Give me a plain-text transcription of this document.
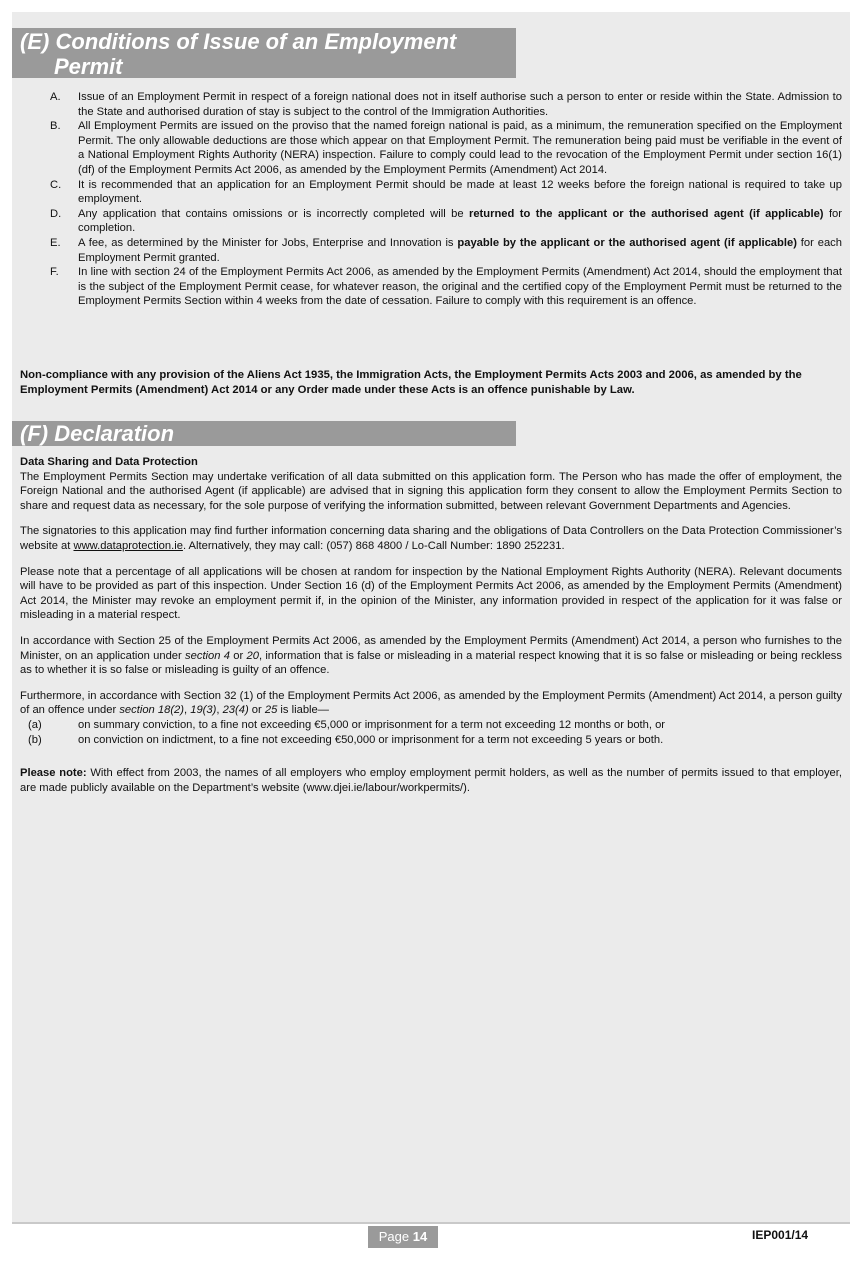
(E) Conditions of Issue of an Employment
Permit
A. Issue of an Employment Permit in respect of a foreign national does not in itself authorise such a person to enter or reside within the State. Admission to the State and authorised duration of stay is subject to the control of the Immigration Authorities.
B. All Employment Permits are issued on the proviso that the named foreign national is paid, as a minimum, the remuneration specified on the Employment Permit. The only allowable deductions are those which appear on that Employment Permit. The remuneration being paid must be verifiable in the event of a National Employment Rights Authority (NERA) inspection. Failure to comply could lead to the revocation of the Employment Permit under section 16(1)(df) of the Employment Permits Act 2006, as amended by the Employment Permits (Amendment) Act 2014.
C. It is recommended that an application for an Employment Permit should be made at least 12 weeks before the foreign national is required to take up employment.
D. Any application that contains omissions or is incorrectly completed will be returned to the applicant or the authorised agent (if applicable) for completion.
E. A fee, as determined by the Minister for Jobs, Enterprise and Innovation is payable by the applicant or the authorised agent (if applicable) for each Employment Permit granted.
F. In line with section 24 of the Employment Permits Act 2006, as amended by the Employment Permits (Amendment) Act 2014, should the employment that is the subject of the Employment Permit cease, for whatever reason, the original and the certified copy of the Employment Permit must be returned to the Employment Permits Section within 4 weeks from the date of cessation. Failure to comply with this requirement is an offence.
Non-compliance with any provision of the Aliens Act 1935, the Immigration Acts, the Employment Permits Acts 2003 and 2006, as amended by the Employment Permits (Amendment) Act 2014 or any Order made under these Acts is an offence punishable by Law.
(F) Declaration

Data Sharing and Data Protection

The Employment Permits Section may undertake verification of all data submitted on this application form. The Person who has made the offer of employment, the Foreign National and the authorised Agent (if applicable) are advised that in signing this application form they consent to allow the Employment Permits Section to share and request data as necessary, for the sole purpose of verifying the information submitted, between relevant Government Departments and Agencies.

The signatories to this application may find further information concerning data sharing and the obligations of Data Controllers on the Data Protection Commissioner’s website at www.dataprotection.ie. Alternatively, they may call: (057) 868 4800 / Lo-Call Number: 1890 252231.

Please note that a percentage of all applications will be chosen at random for inspection by the National Employment Rights Authority (NERA). Relevant documents will have to be provided as part of this inspection. Under Section 16 (d) of the Employment Permits Act 2006, as amended by the Employment Permits (Amendment) Act 2014, the Minister may revoke an employment permit if, in the opinion of the Minister, any information provided in respect of the application for it was false or misleading in a material respect.

In accordance with Section 25 of the Employment Permits Act 2006, as amended by the Employment Permits (Amendment) Act 2014, a person who furnishes to the Minister, on an application under section 4 or 20, information that is false or misleading in a material respect knowing that it is so false or misleading or being reckless as to whether it is so false or misleading is guilty of an offence.

Furthermore, in accordance with Section 32 (1) of the Employment Permits Act 2006, as amended by the Employment Permits (Amendment) Act 2014, a person guilty of an offence under section 18(2), 19(3), 23(4) or 25 is liable—

(a)	on summary conviction, to a fine not exceeding €5,000 or imprisonment for a term not exceeding 12 months or both, or
(b)	on conviction on indictment, to a fine not exceeding €50,000 or imprisonment for a term not exceeding 5 years or both.

Please note: With effect from 2003, the names of all employers who employ employment permit holders, as well as the number of permits issued to that employer, are made publicly available on the Department’s website (www.djei.ie/labour/workpermits/).

Page 14	IEP001/14
